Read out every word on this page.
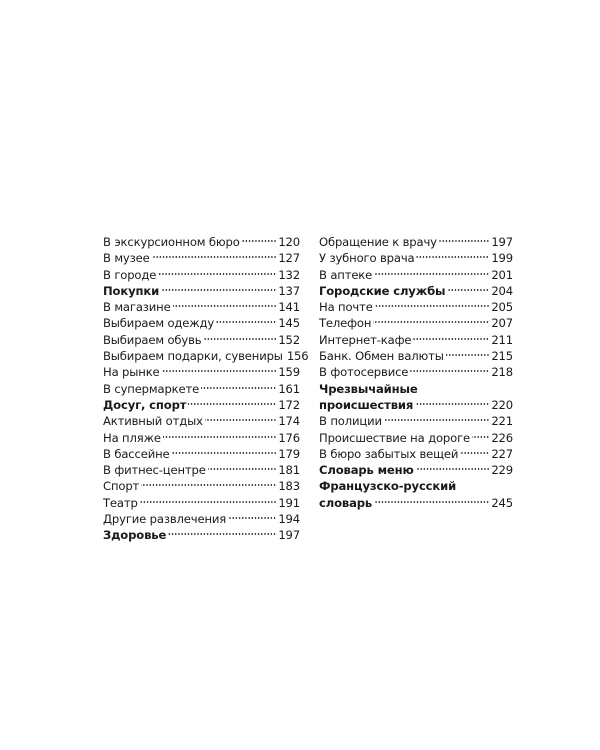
В экскурсионном бюро	120
В музее	127
В городе	132
Покупки	137
В магазине	141
Выбираем одежду	145
Выбираем обувь	152
Выбираем подарки, сувениры 156
На рынке	159
В супермаркете	161
Досуг, спорт	172
Активный отдых	174
На пляже	176
В бассейне	179
В фитнес-центре	181
Спорт	183
Театр	191
Другие развлечения	194
Здоровье	197
Обращение к врачу	197
У зубного врача	199
В аптеке	201
Городские службы	204
На почте	205
Телефон	207
Интернет-кафе	211
Банк. Обмен валюты	215
В фотосервисе	218
Чрезвычайные
происшествия	220
В полиции	221
Происшествие на дороге 226
В бюро забытых вещей	227
Словарь меню	229
Французско-русский
словарь	245
